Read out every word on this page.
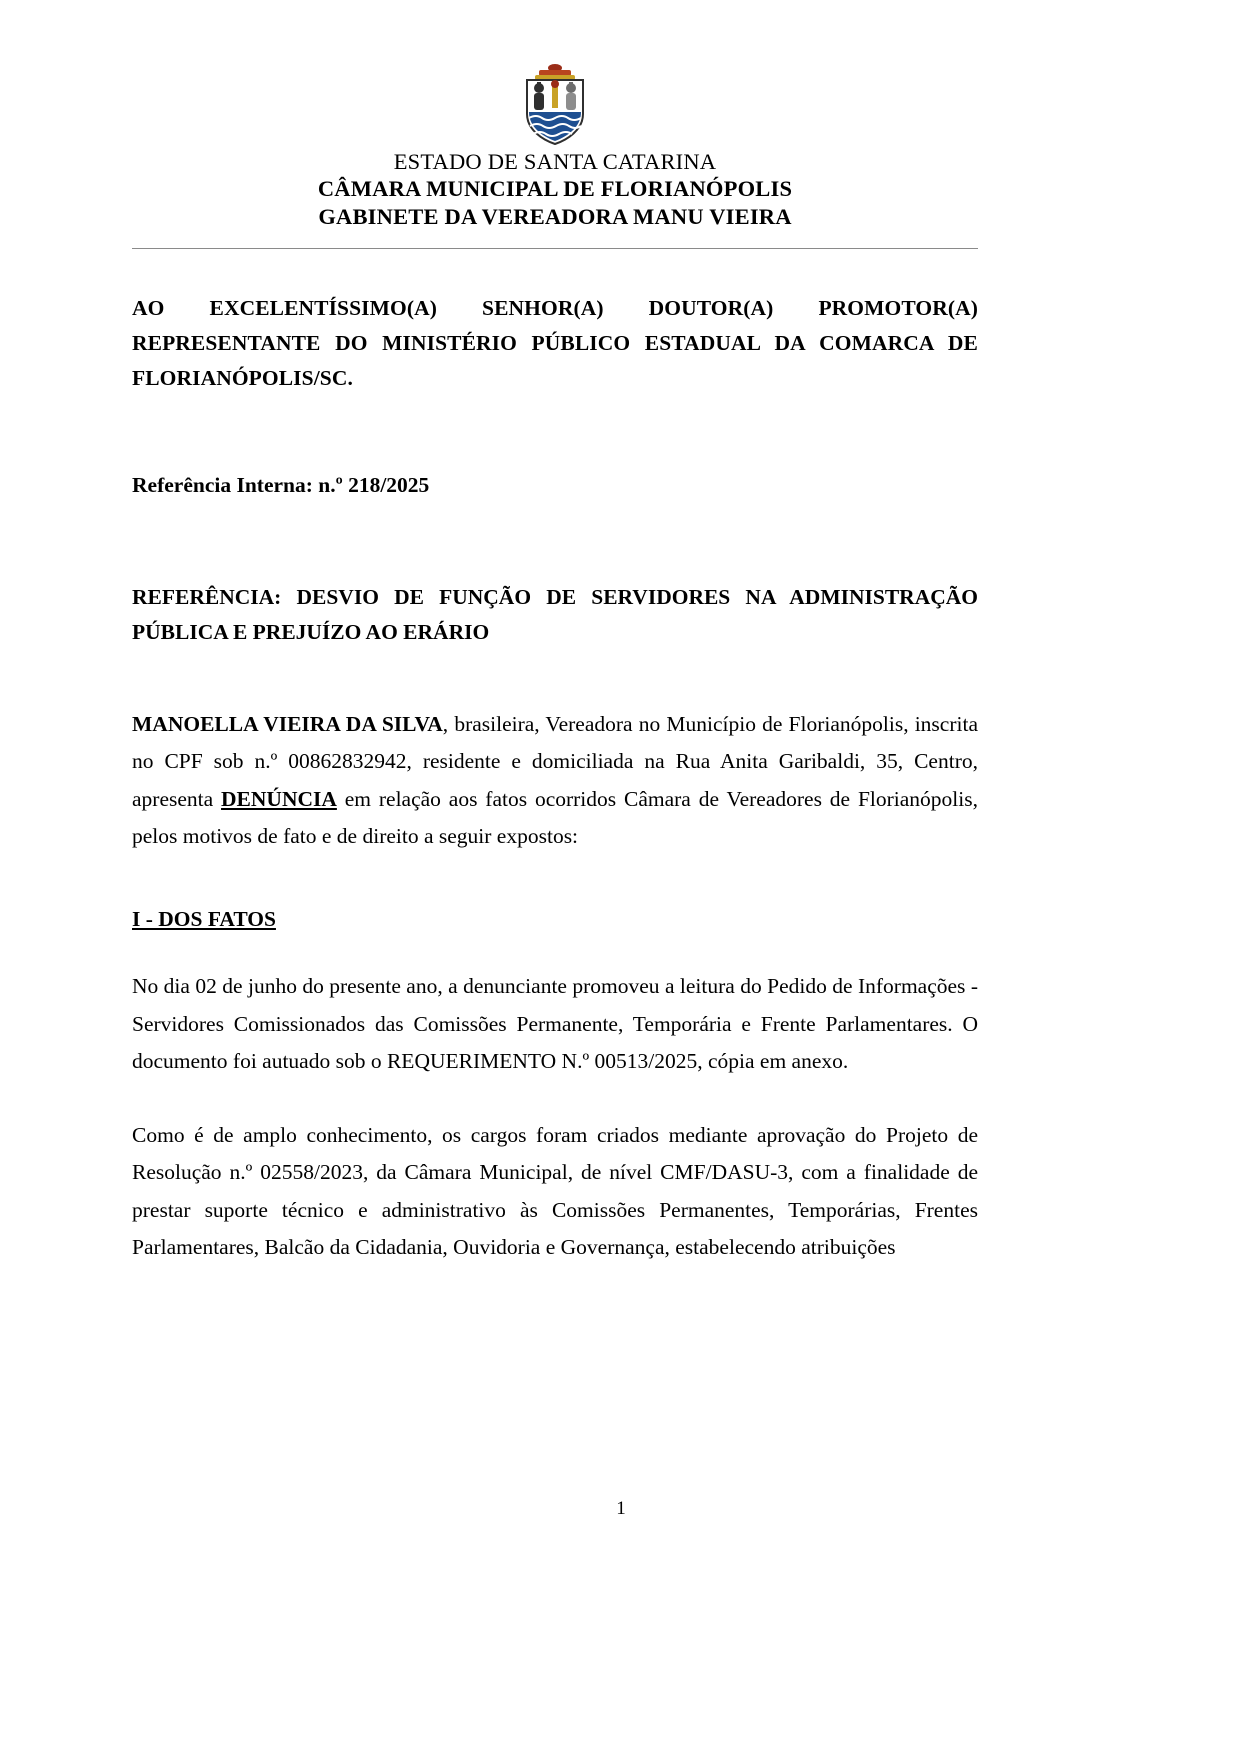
ESTADO DE SANTA CATARINA
CÂMARA MUNICIPAL DE FLORIANÓPOLIS
GABINETE DA VEREADORA MANU VIEIRA
AO EXCELENTÍSSIMO(A) SENHOR(A) DOUTOR(A) PROMOTOR(A) REPRESENTANTE DO MINISTÉRIO PÚBLICO ESTADUAL DA COMARCA DE FLORIANÓPOLIS/SC.
Referência Interna: n.º 218/2025
REFERÊNCIA: DESVIO DE FUNÇÃO DE SERVIDORES NA ADMINISTRAÇÃO PÚBLICA E PREJUÍZO AO ERÁRIO
MANOELLA VIEIRA DA SILVA, brasileira, Vereadora no Município de Florianópolis, inscrita no CPF sob n.º 00862832942, residente e domiciliada na Rua Anita Garibaldi, 35, Centro, apresenta DENÚNCIA em relação aos fatos ocorridos Câmara de Vereadores de Florianópolis, pelos motivos de fato e de direito a seguir expostos:
I - DOS FATOS
No dia 02 de junho do presente ano, a denunciante promoveu a leitura do Pedido de Informações - Servidores Comissionados das Comissões Permanente, Temporária e Frente Parlamentares. O documento foi autuado sob o REQUERIMENTO N.º 00513/2025, cópia em anexo.
Como é de amplo conhecimento, os cargos foram criados mediante aprovação do Projeto de Resolução n.º 02558/2023, da Câmara Municipal, de nível CMF/DASU-3, com a finalidade de prestar suporte técnico e administrativo às Comissões Permanentes, Temporárias, Frentes Parlamentares, Balcão da Cidadania, Ouvidoria e Governança, estabelecendo atribuições
1
